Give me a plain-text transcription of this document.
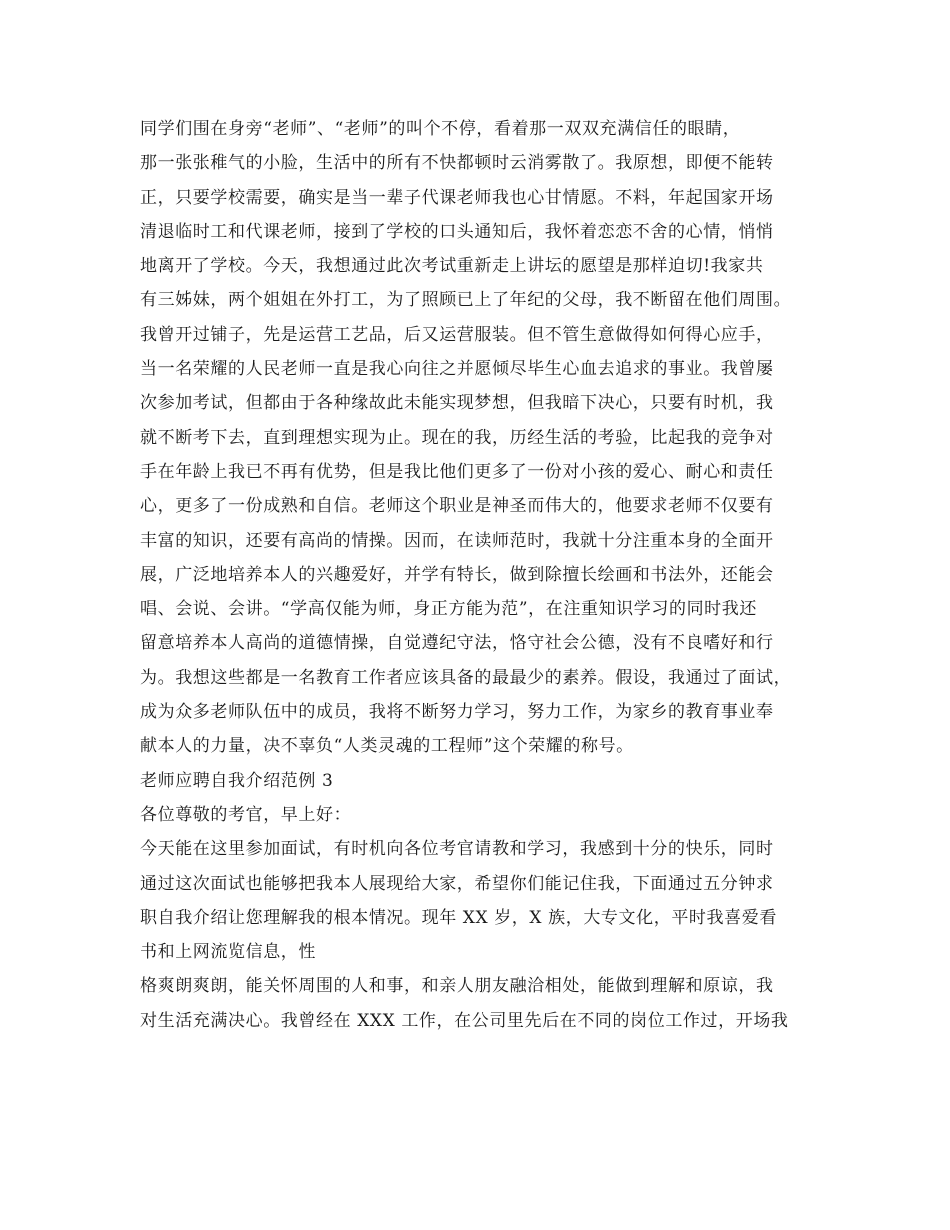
同学们围在身旁“老师”、“老师”的叫个不停，看着那一双双充满信任的眼睛，
那一张张稚气的小脸，生活中的所有不快都顿时云消雾散了。我原想，即便不能转
正，只要学校需要，确实是当一辈子代课老师我也心甘情愿。不料，年起国家开场
清退临时工和代课老师，接到了学校的口头通知后，我怀着恋恋不舍的心情，悄悄
地离开了学校。今天，我想通过此次考试重新走上讲坛的愿望是那样迫切!我家共
有三姊妹，两个姐姐在外打工，为了照顾已上了年纪的父母，我不断留在他们周围。
我曾开过铺子，先是运营工艺品，后又运营服装。但不管生意做得如何得心应手，
当一名荣耀的人民老师一直是我心向往之并愿倾尽毕生心血去追求的事业。我曾屡
次参加考试，但都由于各种缘故此未能实现梦想，但我暗下决心，只要有时机，我
就不断考下去，直到理想实现为止。现在的我，历经生活的考验，比起我的竞争对
手在年龄上我已不再有优势，但是我比他们更多了一份对小孩的爱心、耐心和责任
心，更多了一份成熟和自信。老师这个职业是神圣而伟大的，他要求老师不仅要有
丰富的知识，还要有高尚的情操。因而，在读师范时，我就十分注重本身的全面开
展，广泛地培养本人的兴趣爱好，并学有特长，做到除擅长绘画和书法外，还能会
唱、会说、会讲。“学高仅能为师，身正方能为范”，在注重知识学习的同时我还
留意培养本人高尚的道德情操，自觉遵纪守法，恪守社会公德，没有不良嗜好和行
为。我想这些都是一名教育工作者应该具备的最最少的素养。假设，我通过了面试，
成为众多老师队伍中的成员，我将不断努力学习，努力工作，为家乡的教育事业奉
献本人的力量，决不辜负“人类灵魂的工程师”这个荣耀的称号。
老师应聘自我介绍范例 3
各位尊敬的考官，早上好：
今天能在这里参加面试，有时机向各位考官请教和学习，我感到十分的快乐，同时
通过这次面试也能够把我本人展现给大家，希望你们能记住我，下面通过五分钟求
职自我介绍让您理解我的根本情况。现年 XX 岁，X 族，大专文化，平时我喜爱看
书和上网流览信息，性
格爽朗爽朗，能关怀周围的人和事，和亲人朋友融洽相处，能做到理解和原谅，我
对生活充满决心。我曾经在 XXX 工作，在公司里先后在不同的岗位工作过，开场我
